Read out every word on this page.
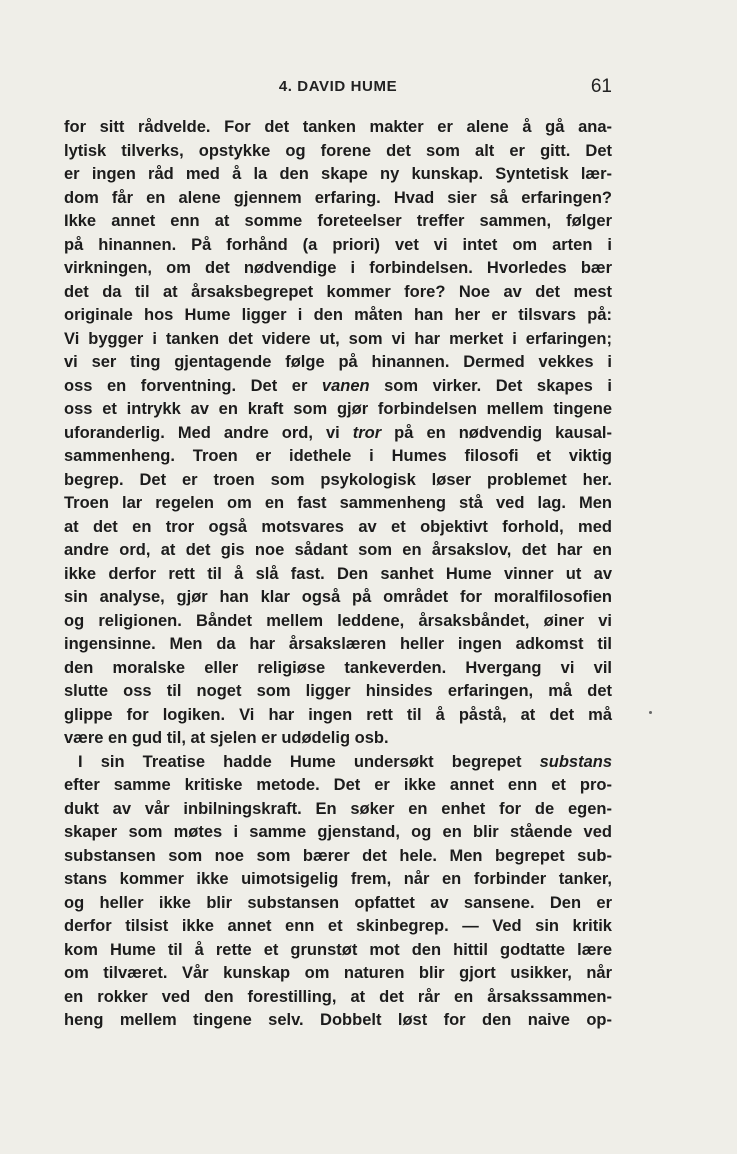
4. DAVID HUME	61
for sitt rådvelde. For det tanken makter er alene å gå ana-
lytisk tilverks, opstykke og forene det som alt er gitt. Det
er ingen råd med å la den skape ny kunskap. Syntetisk lær-
dom får en alene gjennem erfaring. Hvad sier så erfaringen?
Ikke annet enn at somme foreteelser treffer sammen, følger
på hinannen. På forhånd (a priori) vet vi intet om arten i
virkningen, om det nødvendige i forbindelsen. Hvorledes bær
det da til at årsaksbegrepet kommer fore? Noe av det mest
originale hos Hume ligger i den måten han her er tilsvars på:
Vi bygger i tanken det videre ut, som vi har merket i erfaringen;
vi ser ting gjentagende følge på hinannen. Dermed vekkes i
oss en forventning. Det er vanen som virker. Det skapes i
oss et intrykk av en kraft som gjør forbindelsen mellem tingene
uforanderlig. Med andre ord, vi tror på en nødvendig kausal-
sammenheng. Troen er idethele i Humes filosofi et viktig
begrep. Det er troen som psykologisk løser problemet her.
Troen lar regelen om en fast sammenheng stå ved lag. Men
at det en tror også motsvares av et objektivt forhold, med
andre ord, at det gis noe sådant som en årsakslov, det har en
ikke derfor rett til å slå fast. Den sanhet Hume vinner ut av
sin analyse, gjør han klar også på området for moralfilosofien
og religionen. Båndet mellem leddene, årsaksbåndet, øiner vi
ingensinne. Men da har årsakslæren heller ingen adkomst til
den moralske eller religiøse tankeverden. Hvergang vi vil
slutte oss til noget som ligger hinsides erfaringen, må det
glippe for logiken. Vi har ingen rett til å påstå, at det må
være en gud til, at sjelen er udødelig osb.
I sin Treatise hadde Hume undersøkt begrepet substans
efter samme kritiske metode. Det er ikke annet enn et pro-
dukt av vår inbilningskraft. En søker en enhet for de egen-
skaper som møtes i samme gjenstand, og en blir stående ved
substansen som noe som bærer det hele. Men begrepet sub-
stans kommer ikke uimotsigelig frem, når en forbinder tanker,
og heller ikke blir substansen opfattet av sansene. Den er
derfor tilsist ikke annet enn et skinbegrep. — Ved sin kritik
kom Hume til å rette et grunstøt mot den hittil godtatte lære
om tilværet. Vår kunskap om naturen blir gjort usikker, når
en rokker ved den forestilling, at det rår en årsakssammen-
heng mellem tingene selv. Dobbelt løst for den naive op-
